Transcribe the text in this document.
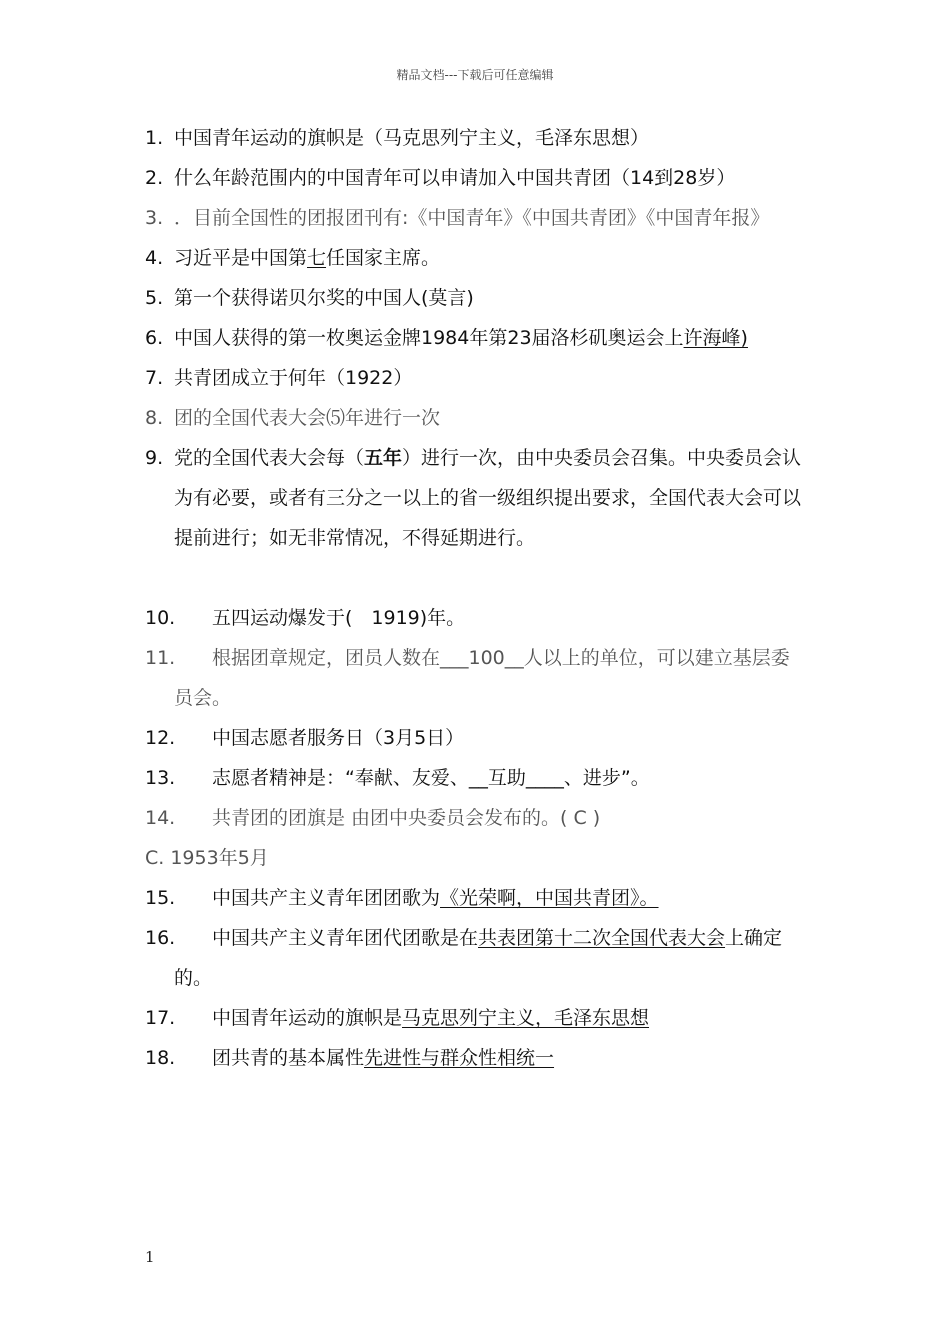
精品文档---下载后可任意编辑
1. 中国青年运动的旗帜是（马克思列宁主义，毛泽东思想）
2. 什么年龄范围内的中国青年可以申请加入中国共青团（14到28岁）
3. ．目前全国性的团报团刊有:《中国青年》《中国共青团》《中国青年报》
4. 习近平是中国第七任国家主席。
5. 第一个获得诺贝尔奖的中国人(莫言)
6. 中国人获得的第一枚奥运金牌1984年第23届洛杉矶奥运会上许海峰)
7. 共青团成立于何年（1922）
8. 团的全国代表大会⑸年进行一次
9. 党的全国代表大会每（五年）进行一次，由中央委员会召集。中央委员会认为有必要，或者有三分之一以上的省一级组织提出要求，全国代表大会可以提前进行；如无非常情况，不得延期进行。
10.	五四运动爆发于(　1919)年。
11.	根据团章规定，团员人数在___100__人以上的单位，可以建立基层委员会。
12.	中国志愿者服务日（3月5日）
13.	志愿者精神是：“奉献、友爱、__互助____、进步”。
14.	共青团的团旗是 由团中央委员会发布的。( C )
C. 1953年5月
15.	中国共产主义青年团团歌为《光荣啊，中国共青团》。
16.	中国共产主义青年团代团歌是在共表团第十二次全国代表大会上确定的。
17.	中国青年运动的旗帜是马克思列宁主义，毛泽东思想
18.	团共青的基本属性先进性与群众性相统一
1
